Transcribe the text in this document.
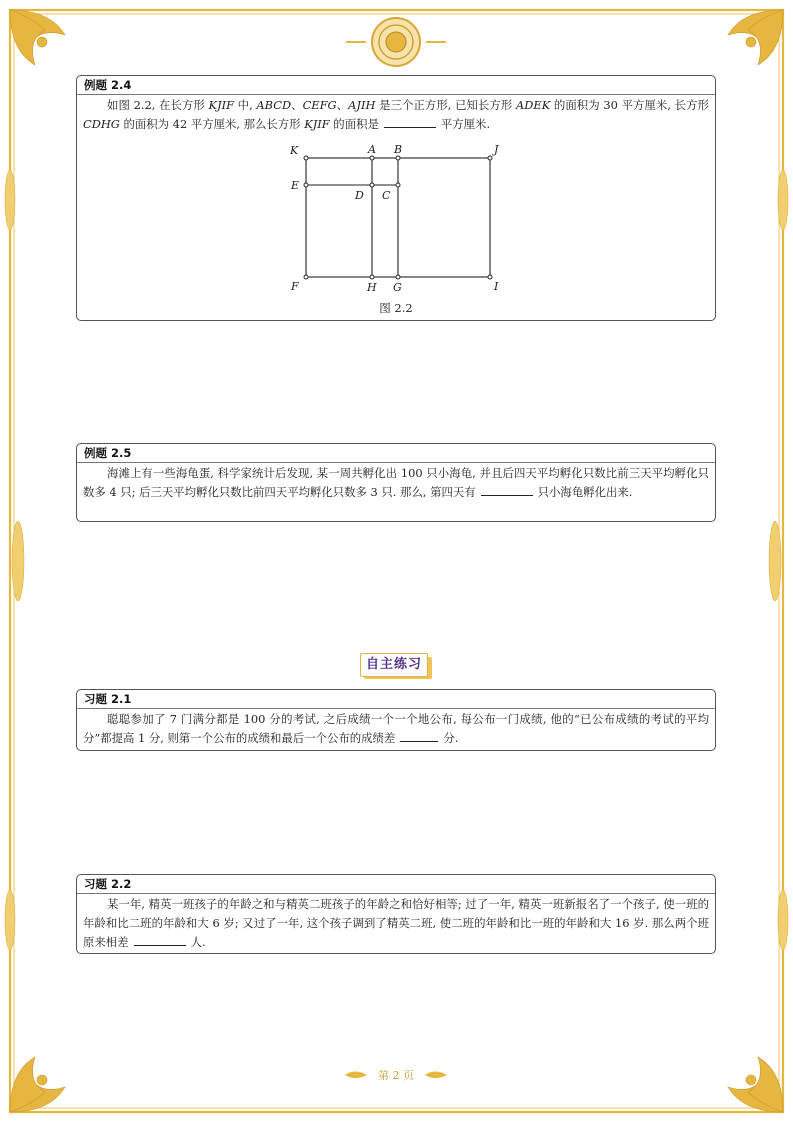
例题 2.4
如图 2.2, 在长方形 KJIF 中, ABCD、CEFG、AJIH 是三个正方形, 已知长方形 ADEK 的面积为 30 平方厘米, 长方形 CDHG 的面积为 42 平方厘米, 那么长方形 KJIF 的面积是	平方厘米.
K	A B	J
E
D C
F	H G	I
图 2.2
例题 2.5
海滩上有一些海龟蛋, 科学家统计后发现, 某一周共孵化出 100 只小海龟, 并且后四天平均孵化只数比前三天平均孵化只数多 4 只; 后三天平均孵化只数比前四天平均孵化只数多 3 只. 那么, 第四天有	只小海龟孵化出来.
自主练习
习题 2.1
聪聪参加了 7 门满分都是 100 分的考试, 之后成绩一个一个地公布, 每公布一门成绩, 他的“已公布成绩的考试的平均分”都提高 1 分, 则第一个公布的成绩和最后一个公布的成绩差	分.
习题 2.2
某一年, 精英一班孩子的年龄之和与精英二班孩子的年龄之和恰好相等; 过了一年, 精英一班新报名了一个孩子, 使一班的年龄和比二班的年龄和大 6 岁; 又过了一年, 这个孩子调到了精英二班, 使二班的年龄和比一班的年龄和大 16 岁. 那么两个班原来相差	人.
第 2 页
